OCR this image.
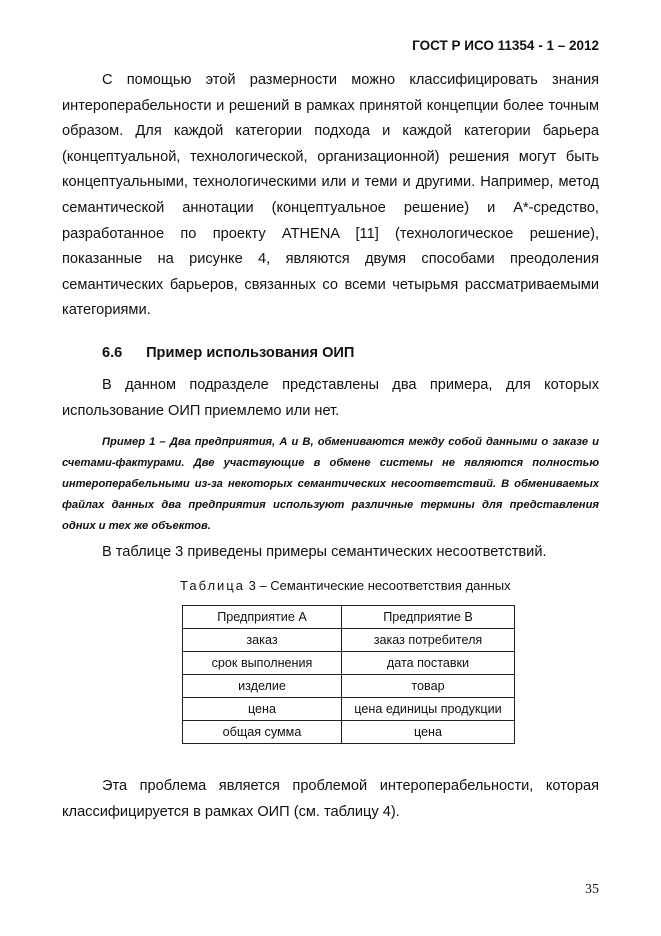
ГОСТ Р ИСО 11354 - 1 – 2012
С помощью этой размерности можно классифицировать знания
интероперабельности и решений в рамках принятой концепции более точным
образом. Для каждой категории подхода и каждой категории барьера
(концептуальной, технологической, организационной) решения могут быть
концептуальными, технологическими или и теми и другими. Например, метод
семантической аннотации (концептуальное решение) и А*-средство,
разработанное по проекту ATHENA [11] (технологическое решение),
показанные на рисунке 4, являются двумя способами преодоления
семантических барьеров, связанных со всеми четырьмя рассматриваемыми
категориями.
6.6 Пример использования ОИП
В данном подразделе представлены два примера, для которых
использование ОИП приемлемо или нет.
Пример 1 – Два предприятия, А и В, обмениваются между собой данными о заказе и
счетами-фактурами. Две участвующие в обмене системы не являются полностью
интероперабельными из-за некоторых семантических несоответствий. В обмениваемых
файлах данных два предприятия используют различные термины для представления
одних и тех же объектов.
В таблице 3 приведены примеры семантических несоответствий.
Таблица 3 – Семантические несоответствия данных
Предприятие А	Предприятие В
заказ	заказ потребителя
срок выполнения	дата поставки
изделие	товар
цена	цена единицы продукции
общая сумма	цена
Эта проблема является проблемой интероперабельности, которая
классифицируется в рамках ОИП (см. таблицу 4).
35
